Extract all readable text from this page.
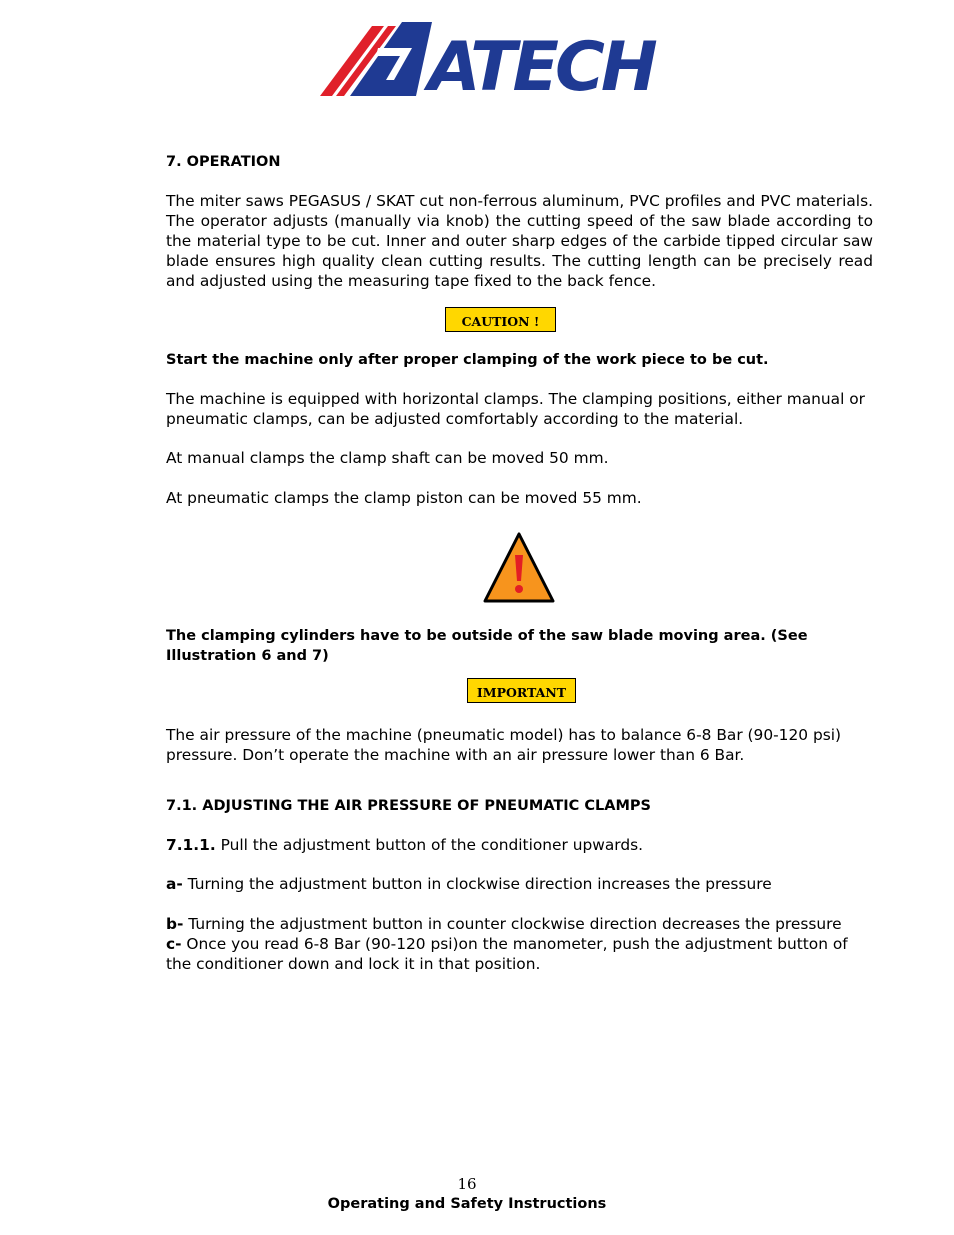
ATECH
7. OPERATION

The miter saws PEGASUS / SKAT cut non-ferrous aluminum, PVC profiles and PVC materials. The operator adjusts (manually via knob) the cutting speed of the saw blade according to the material type to be cut. Inner and outer sharp edges of the carbide tipped circular saw blade ensures high quality clean cutting results. The cutting length can be precisely read and adjusted using the measuring tape fixed to the back fence.

CAUTION !

Start the machine only after proper clamping of the work piece to be cut.

The machine is equipped with horizontal clamps. The clamping positions, either manual or pneumatic clamps, can be adjusted comfortably according to the material.

At manual clamps the clamp shaft can be moved 50 mm.

At pneumatic clamps the clamp piston can be moved 55 mm.

The clamping cylinders have to be outside of the saw blade moving area. (See Illustration 6 and 7)

IMPORTANT

The air pressure of the machine (pneumatic model) has to balance 6-8 Bar (90-120 psi) pressure. Don’t operate the machine with an air pressure lower than 6 Bar.

7.1. ADJUSTING THE AIR PRESSURE OF PNEUMATIC CLAMPS

7.1.1. Pull the adjustment button of the conditioner upwards.

a- Turning the adjustment button in clockwise direction increases the pressure

b- Turning the adjustment button in counter clockwise direction decreases the pressure

c- Once you read 6-8 Bar (90-120 psi)on the manometer, push the adjustment button of the conditioner down and lock it in that position.

16
Operating and Safety Instructions
